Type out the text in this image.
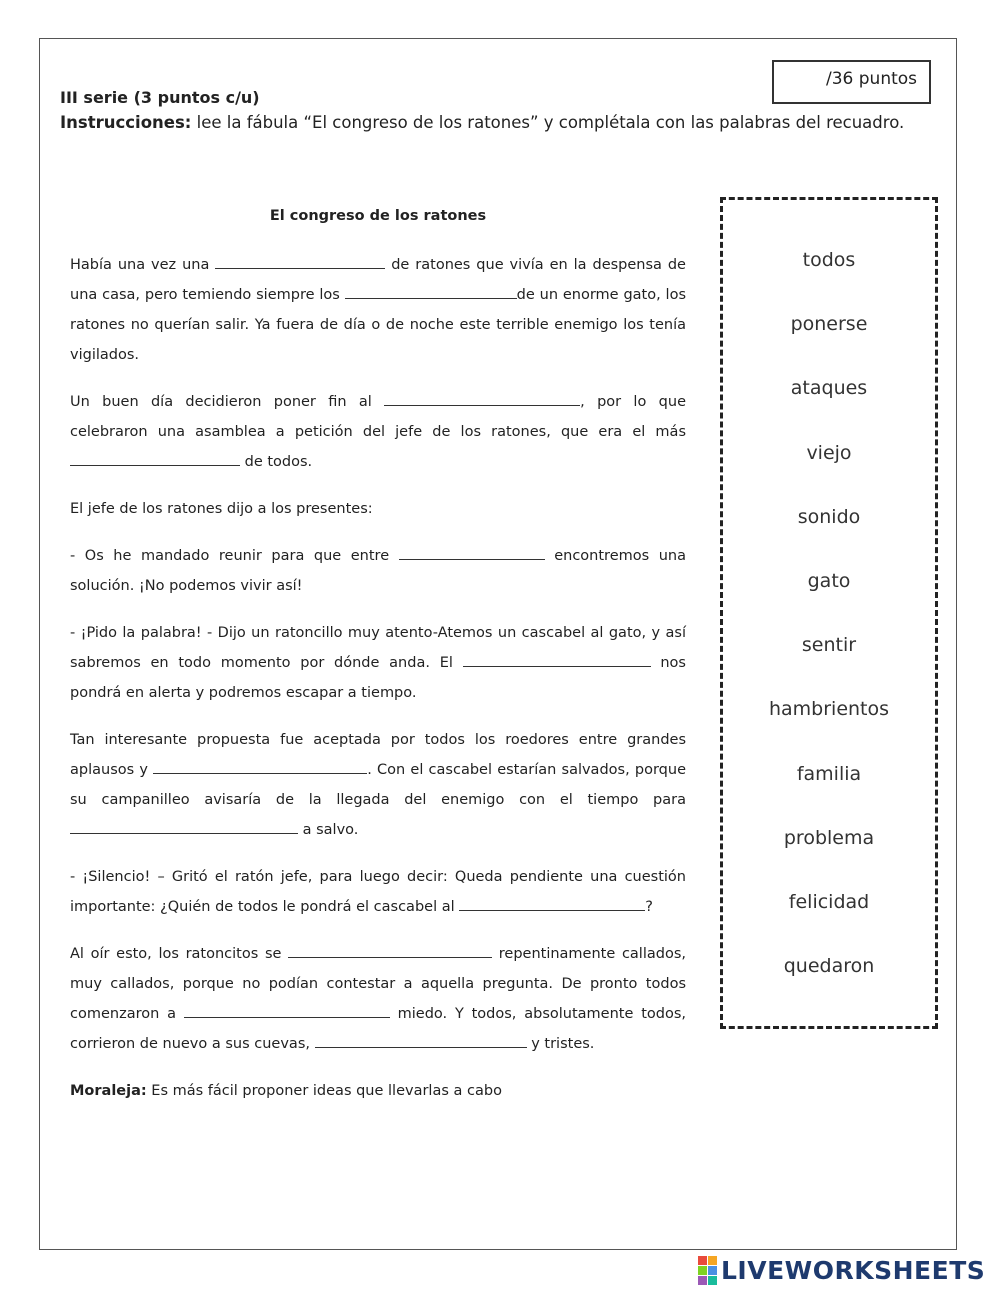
/36 puntos
III serie (3 puntos c/u)
Instrucciones: lee la fábula “El congreso de los ratones” y complétala con las palabras del recuadro.
El congreso de los ratones

Había una vez una	de ratones que vivía en la despensa de una casa, pero temiendo siempre los	de un enorme gato, los ratones no querían salir. Ya fuera de día o de noche este terrible enemigo los tenía vigilados.

Un buen día decidieron poner fin al	, por lo que celebraron una asamblea a petición del jefe de los ratones, que era el más  de todos.

El jefe de los ratones dijo a los presentes:

- Os he mandado reunir para que entre	encontremos una solución. ¡No podemos vivir así!

- ¡Pido la palabra! - Dijo un ratoncillo muy atento-Atemos un cascabel al gato, y así sabremos en todo momento por dónde anda. El	nos pondrá en alerta y podremos escapar a tiempo.

Tan interesante propuesta fue aceptada por todos los roedores entre grandes aplausos y	. Con el cascabel estarían salvados, porque su campanilleo avisaría de la llegada del enemigo con el tiempo para a salvo.

- ¡Silencio! – Gritó el ratón jefe, para luego decir: Queda pendiente una cuestión importante: ¿Quién de todos le pondrá el cascabel al	?

Al oír esto, los ratoncitos se	repentinamente callados, muy callados, porque no podían contestar a aquella pregunta. De pronto todos comenzaron a	miedo. Y todos, absolutamente todos, corrieron de nuevo a sus cuevas,	y tristes.

Moraleja: Es más fácil proponer ideas que llevarlas a cabo

todos
ponerse
ataques
viejo
sonido
gato
sentir
hambrientos
familia
problema
felicidad
quedaron
LIVEWORKSHEETS
